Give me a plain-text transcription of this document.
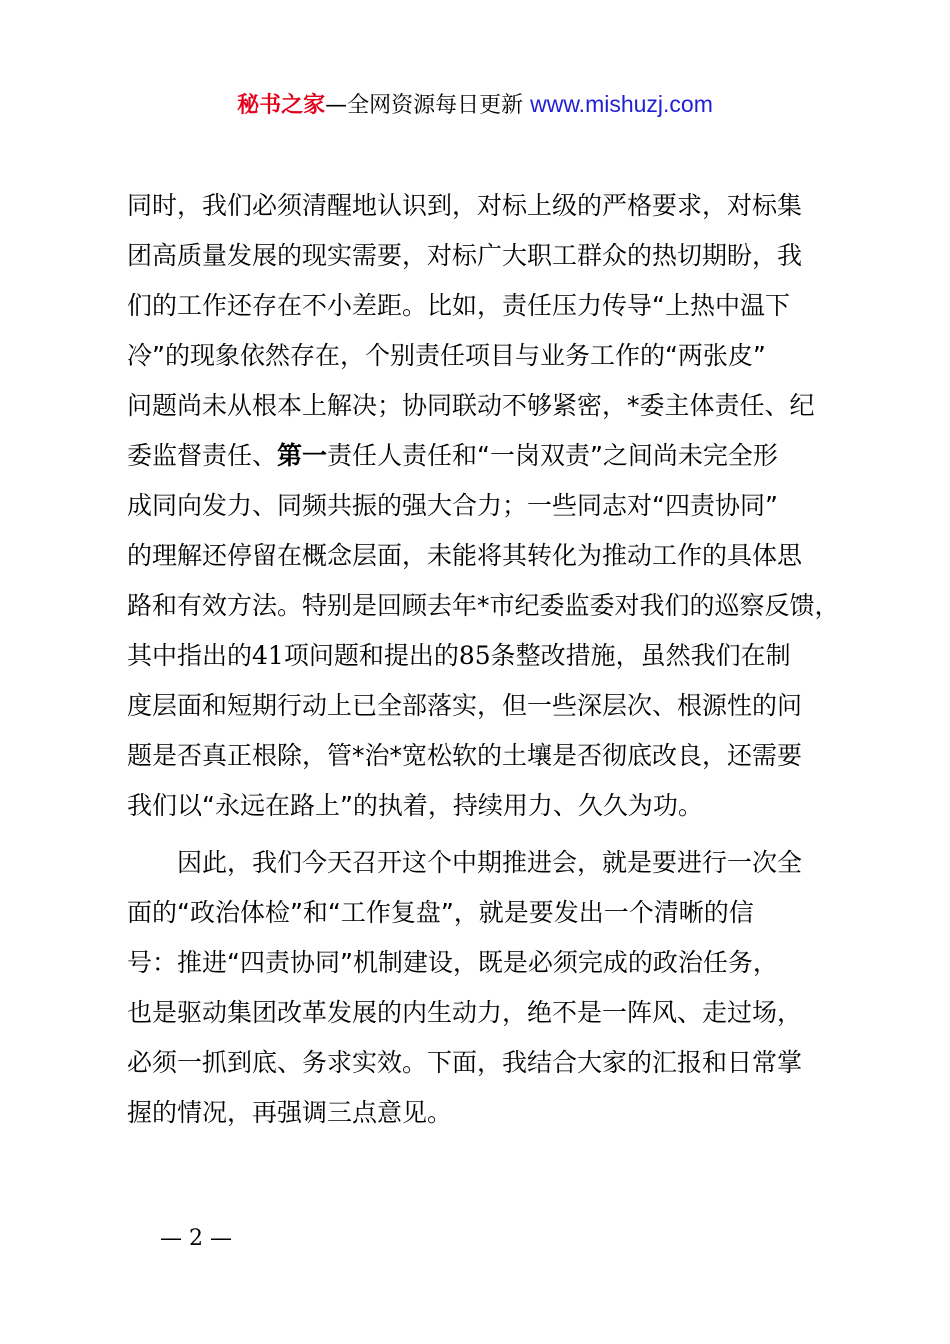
秘书之家—全网资源每日更新 www.mishuzj.com
同时，我们必须清醒地认识到，对标上级的严格要求，对标集
团高质量发展的现实需要，对标广大职工群众的热切期盼，我
们的工作还存在不小差距。比如，责任压力传导“上热中温下
冷”的现象依然存在，个别责任项目与业务工作的“两张皮”
问题尚未从根本上解决；协同联动不够紧密，*委主体责任、纪
委监督责任、第一责任人责任和“一岗双责”之间尚未完全形
成同向发力、同频共振的强大合力；一些同志对“四责协同”
的理解还停留在概念层面，未能将其转化为推动工作的具体思
路和有效方法。特别是回顾去年*市纪委监委对我们的巡察反馈，
其中指出的41项问题和提出的85条整改措施，虽然我们在制
度层面和短期行动上已全部落实，但一些深层次、根源性的问
题是否真正根除，管*治*宽松软的土壤是否彻底改良，还需要
我们以“永远在路上”的执着，持续用力、久久为功。
因此，我们今天召开这个中期推进会，就是要进行一次全
面的“政治体检”和“工作复盘”，就是要发出一个清晰的信
号：推进“四责协同”机制建设，既是必须完成的政治任务，
也是驱动集团改革发展的内生动力，绝不是一阵风、走过场，
必须一抓到底、务求实效。下面，我结合大家的汇报和日常掌
握的情况，再强调三点意见。
— 2 —
